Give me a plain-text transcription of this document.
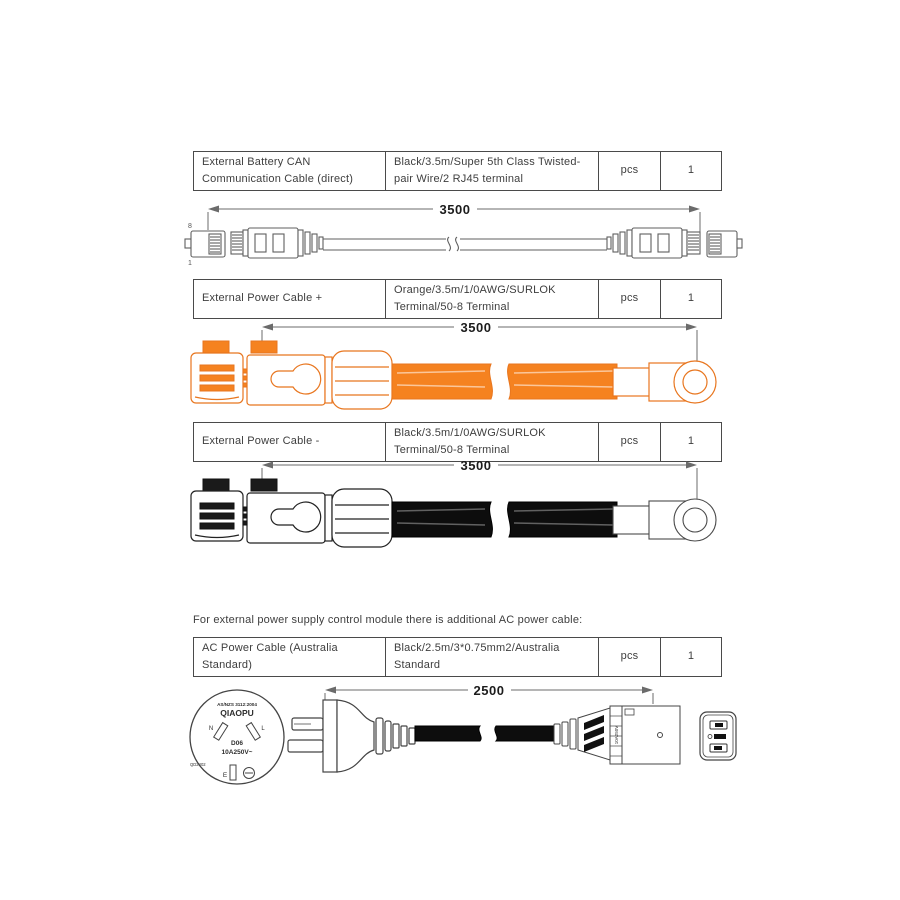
External Battery CAN Communication Cable (direct)	Black/3.5m/Super 5th Class Twisted-pair Wire/2 RJ45 terminal	pcs	1
3500
8
1
External Power Cable +	Orange/3.5m/1/0AWG/SURLOK Terminal/50-8 Terminal	pcs	1
3500
External Power Cable -	Black/3.5m/1/0AWG/SURLOK Terminal/50-8 Terminal	pcs	1
3500
For external power supply control module there is additional AC power cable:
AC Power Cable (Australia Standard)	Black/2.5m/3*0.75mm2/Australia Standard	pcs	1
AS/NZS 3112:2004
QIAOPU
N	L
D06
10A250V~
QD2402
E
2500
10A250V
